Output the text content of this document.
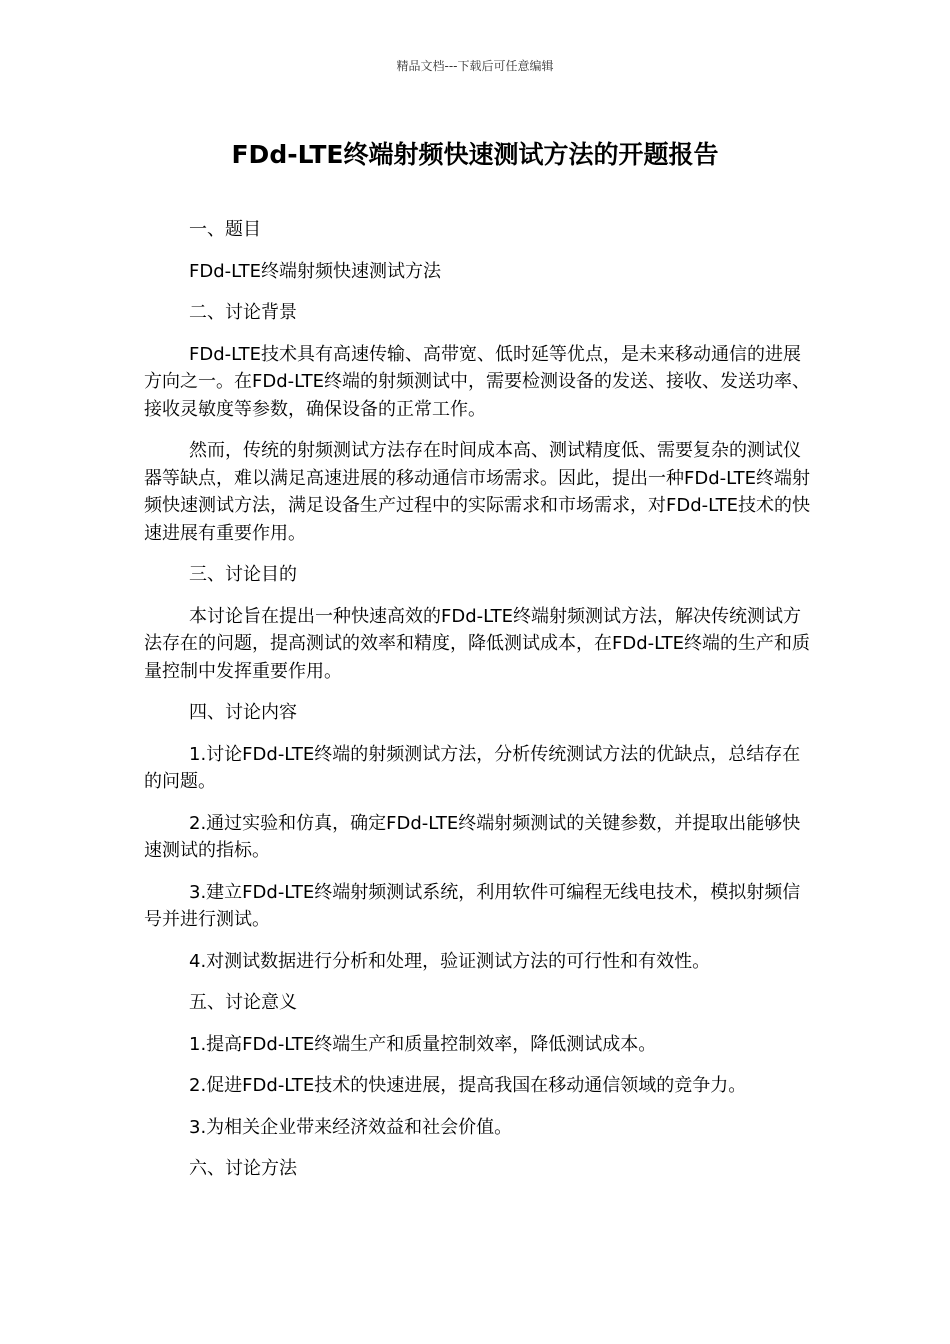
精品文档---下载后可任意编辑
FDd-LTE终端射频快速测试方法的开题报告

一、题目

FDd-LTE终端射频快速测试方法

二、讨论背景

FDd-LTE技术具有高速传输、高带宽、低时延等优点，是未来移动通信的进展方向之一。在FDd-LTE终端的射频测试中，需要检测设备的发送、接收、发送功率、接收灵敏度等参数，确保设备的正常工作。

然而，传统的射频测试方法存在时间成本高、测试精度低、需要复杂的测试仪器等缺点，难以满足高速进展的移动通信市场需求。因此，提出一种FDd-LTE终端射频快速测试方法，满足设备生产过程中的实际需求和市场需求，对FDd-LTE技术的快速进展有重要作用。

三、讨论目的

本讨论旨在提出一种快速高效的FDd-LTE终端射频测试方法，解决传统测试方法存在的问题，提高测试的效率和精度，降低测试成本，在FDd-LTE终端的生产和质量控制中发挥重要作用。

四、讨论内容

1.讨论FDd-LTE终端的射频测试方法，分析传统测试方法的优缺点，总结存在的问题。

2.通过实验和仿真，确定FDd-LTE终端射频测试的关键参数，并提取出能够快速测试的指标。

3.建立FDd-LTE终端射频测试系统，利用软件可编程无线电技术，模拟射频信号并进行测试。

4.对测试数据进行分析和处理，验证测试方法的可行性和有效性。

五、讨论意义

1.提高FDd-LTE终端生产和质量控制效率，降低测试成本。

2.促进FDd-LTE技术的快速进展，提高我国在移动通信领域的竞争力。

3.为相关企业带来经济效益和社会价值。

六、讨论方法
